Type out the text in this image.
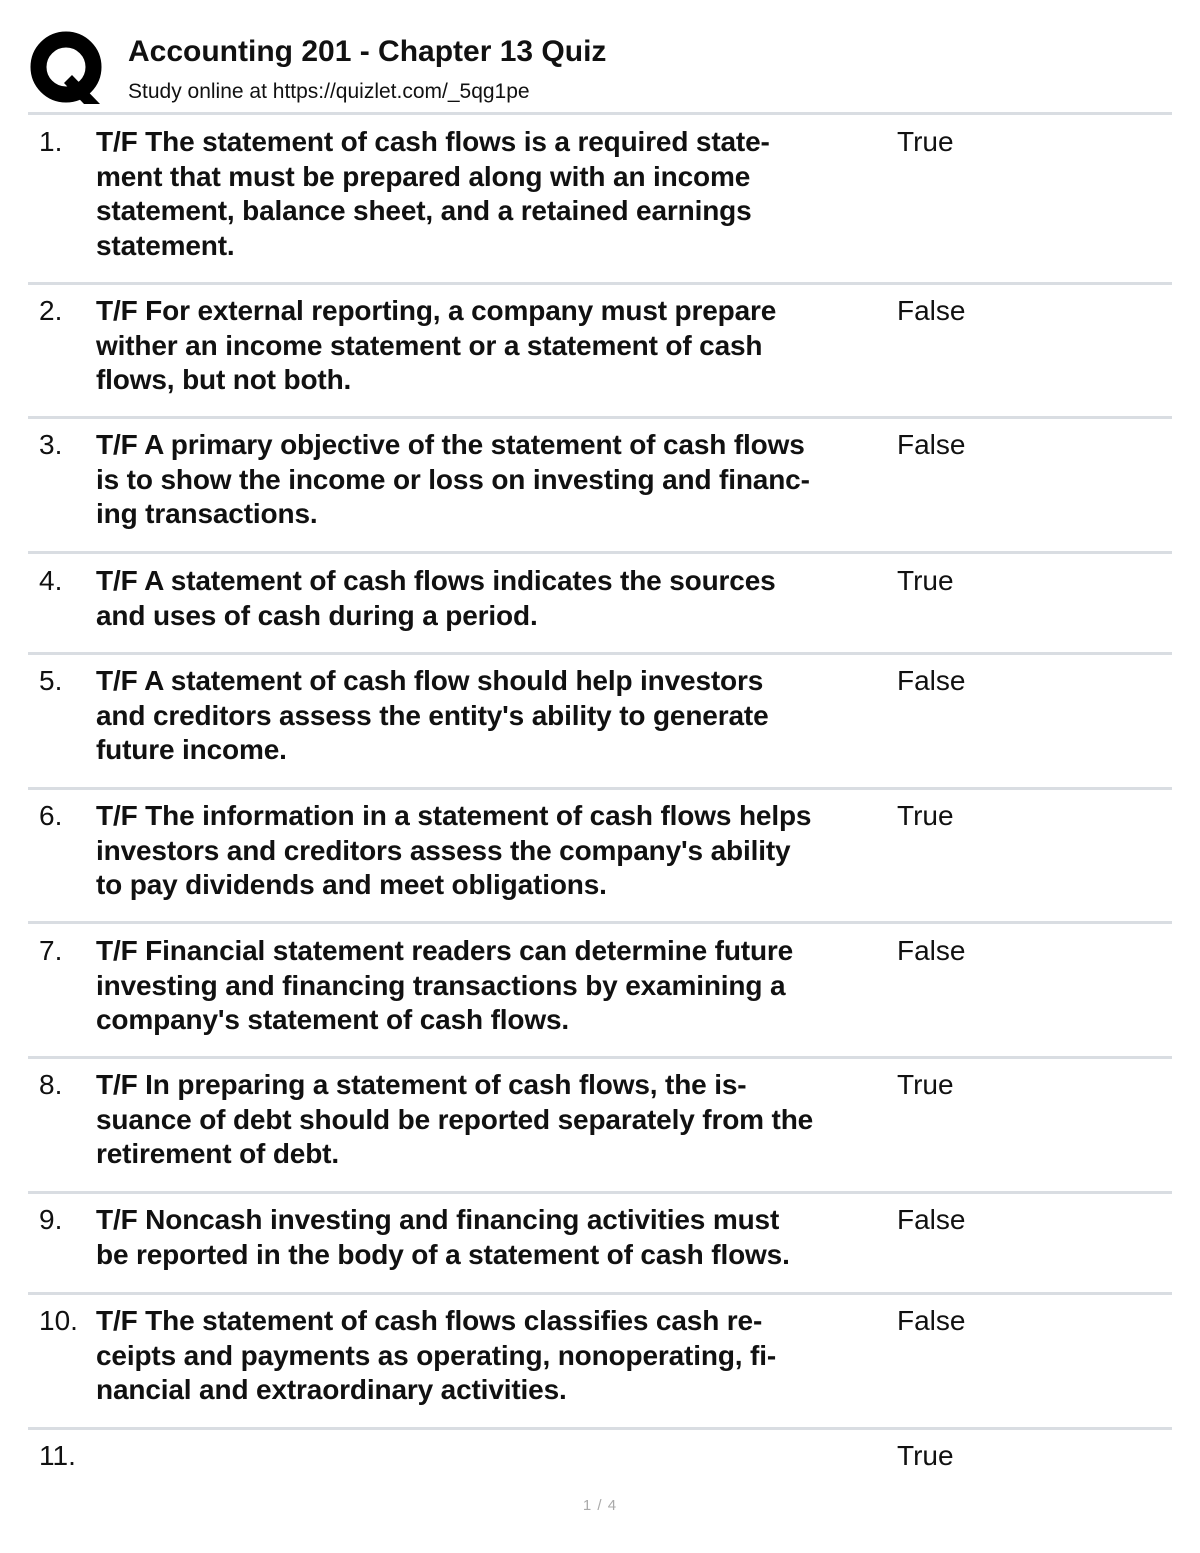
Accounting 201 - Chapter 13 Quiz
Study online at https://quizlet.com/_5qg1pe
1. T/F The statement of cash flows is a required state-
ment that must be prepared along with an income
statement, balance sheet, and a retained earnings
statement.
True
2. T/F For external reporting, a company must prepare
wither an income statement or a statement of cash
flows, but not both.
False
3. T/F A primary objective of the statement of cash flows
is to show the income or loss on investing and financ-
ing transactions.
False
4. T/F A statement of cash flows indicates the sources
and uses of cash during a period.
True
5. T/F A statement of cash flow should help investors
and creditors assess the entity's ability to generate
future income.
False
6. T/F The information in a statement of cash flows helps
investors and creditors assess the company's ability
to pay dividends and meet obligations.
True
7. T/F Financial statement readers can determine future
investing and financing transactions by examining a
company's statement of cash flows.
False
8. T/F In preparing a statement of cash flows, the is-
suance of debt should be reported separately from the
retirement of debt.
True
9. T/F Noncash investing and financing activities must
be reported in the body of a statement of cash flows.
False
10. T/F The statement of cash flows classifies cash re-
ceipts and payments as operating, nonoperating, fi-
nancial and extraordinary activities.
False
11.	True
1 / 4
